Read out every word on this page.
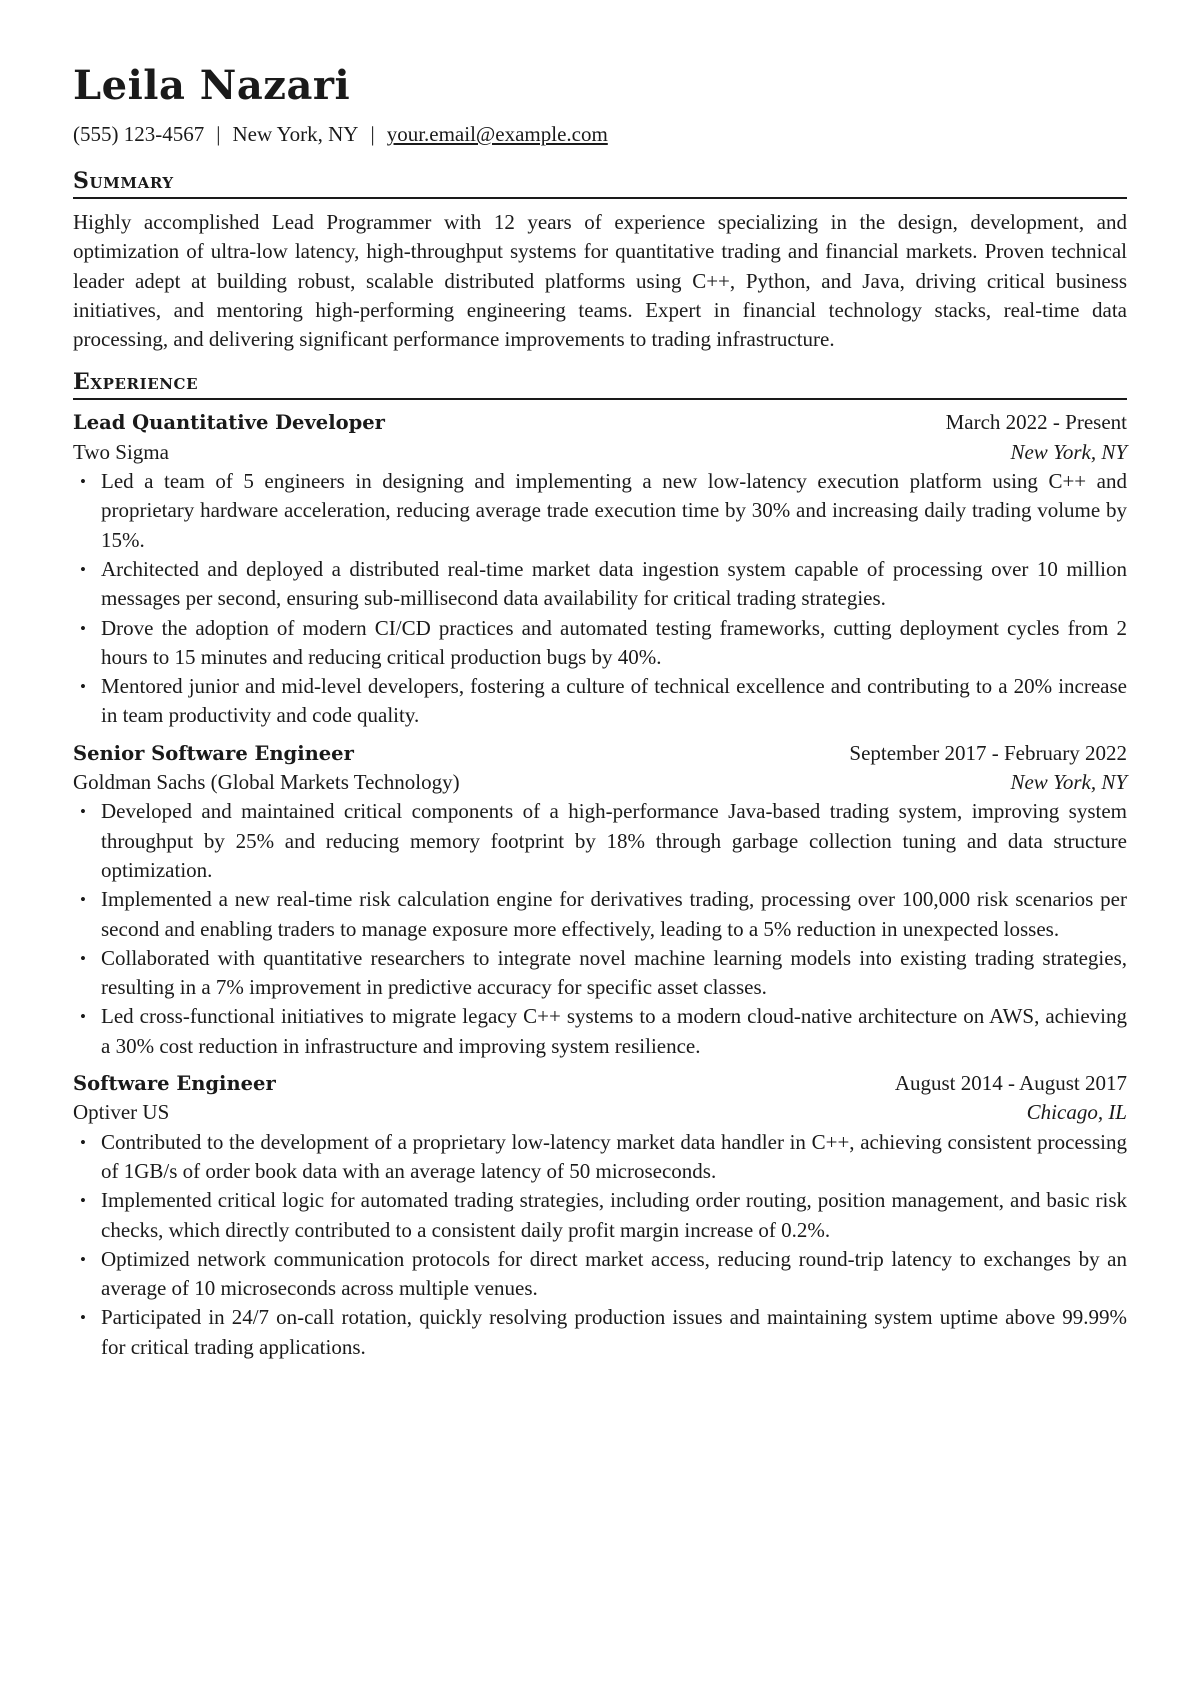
Leila Nazari
(555) 123-4567 | New York, NY | your.email@example.com
Summary
Highly accomplished Lead Programmer with 12 years of experience specializing in the design, development, and optimization of ultra-low latency, high-throughput systems for quantitative trading and financial markets. Proven technical leader adept at building robust, scalable distributed platforms using C++, Python, and Java, driving critical business initiatives, and mentoring high-performing engineering teams. Expert in financial technology stacks, real-time data processing, and delivering significant performance improvements to trading infrastructure.
Experience
Lead Quantitative Developer	March 2022 - Present
Two Sigma	New York, NY
• Led a team of 5 engineers in designing and implementing a new low-latency execution platform using C++ and proprietary hardware acceleration, reducing average trade execution time by 30% and increasing daily trading volume by 15%.
• Architected and deployed a distributed real-time market data ingestion system capable of processing over 10 million messages per second, ensuring sub-millisecond data availability for critical trading strategies.
• Drove the adoption of modern CI/CD practices and automated testing frameworks, cutting deployment cycles from 2 hours to 15 minutes and reducing critical production bugs by 40%.
• Mentored junior and mid-level developers, fostering a culture of technical excellence and contributing to a 20% increase in team productivity and code quality.
Senior Software Engineer	September 2017 - February 2022
Goldman Sachs (Global Markets Technology)	New York, NY
• Developed and maintained critical components of a high-performance Java-based trading system, improving system throughput by 25% and reducing memory footprint by 18% through garbage collection tuning and data structure optimization.
• Implemented a new real-time risk calculation engine for derivatives trading, processing over 100,000 risk scenarios per second and enabling traders to manage exposure more effectively, leading to a 5% reduction in unexpected losses.
• Collaborated with quantitative researchers to integrate novel machine learning models into existing trading strategies, resulting in a 7% improvement in predictive accuracy for specific asset classes.
• Led cross-functional initiatives to migrate legacy C++ systems to a modern cloud-native architecture on AWS, achieving a 30% cost reduction in infrastructure and improving system resilience.
Software Engineer	August 2014 - August 2017
Optiver US	Chicago, IL
• Contributed to the development of a proprietary low-latency market data handler in C++, achieving consistent processing of 1GB/s of order book data with an average latency of 50 microseconds.
• Implemented critical logic for automated trading strategies, including order routing, position management, and basic risk checks, which directly contributed to a consistent daily profit margin increase of 0.2%.
• Optimized network communication protocols for direct market access, reducing round-trip latency to exchanges by an average of 10 microseconds across multiple venues.
• Participated in 24/7 on-call rotation, quickly resolving production issues and maintaining system uptime above 99.99% for critical trading applications.
